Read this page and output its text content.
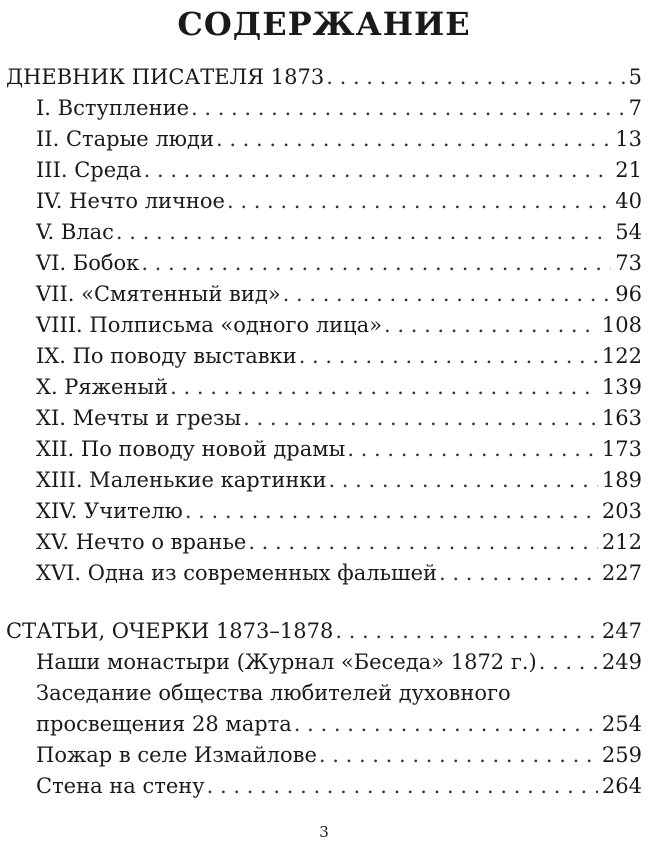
СОДЕРЖАНИЕ
ДНЕВНИК ПИСАТЕЛЯ 1873 . . .	5
I. Вступление . . .	7
II. Старые люди . . .	13
III. Среда . . .	21
IV. Нечто личное . . .	40
V. Влас . . .	54
VI. Бобок . . .	73
VII. «Смятенный вид» . . .	96
VIII. Полписьма «одного лица» . . .	108
IX. По поводу выставки . . .	122
X. Ряженый . . .	139
XI. Мечты и грезы . . .	163
XII. По поводу новой драмы . . .	173
XIII. Маленькие картинки . . .	189
XIV. Учителю . . .	203
XV. Нечто о вранье . . .	212
XVI. Одна из современных фальшей . . .	227
СТАТЬИ, ОЧЕРКИ 1873–1878 . . .	247
Наши монастыри (Журнал «Беседа» 1872 г.) . . .	249
Заседание общества любителей духовного
просвещения 28 марта . . .	254
Пожар в селе Измайлове . . .	259
Стена на стену . . .	264
3
